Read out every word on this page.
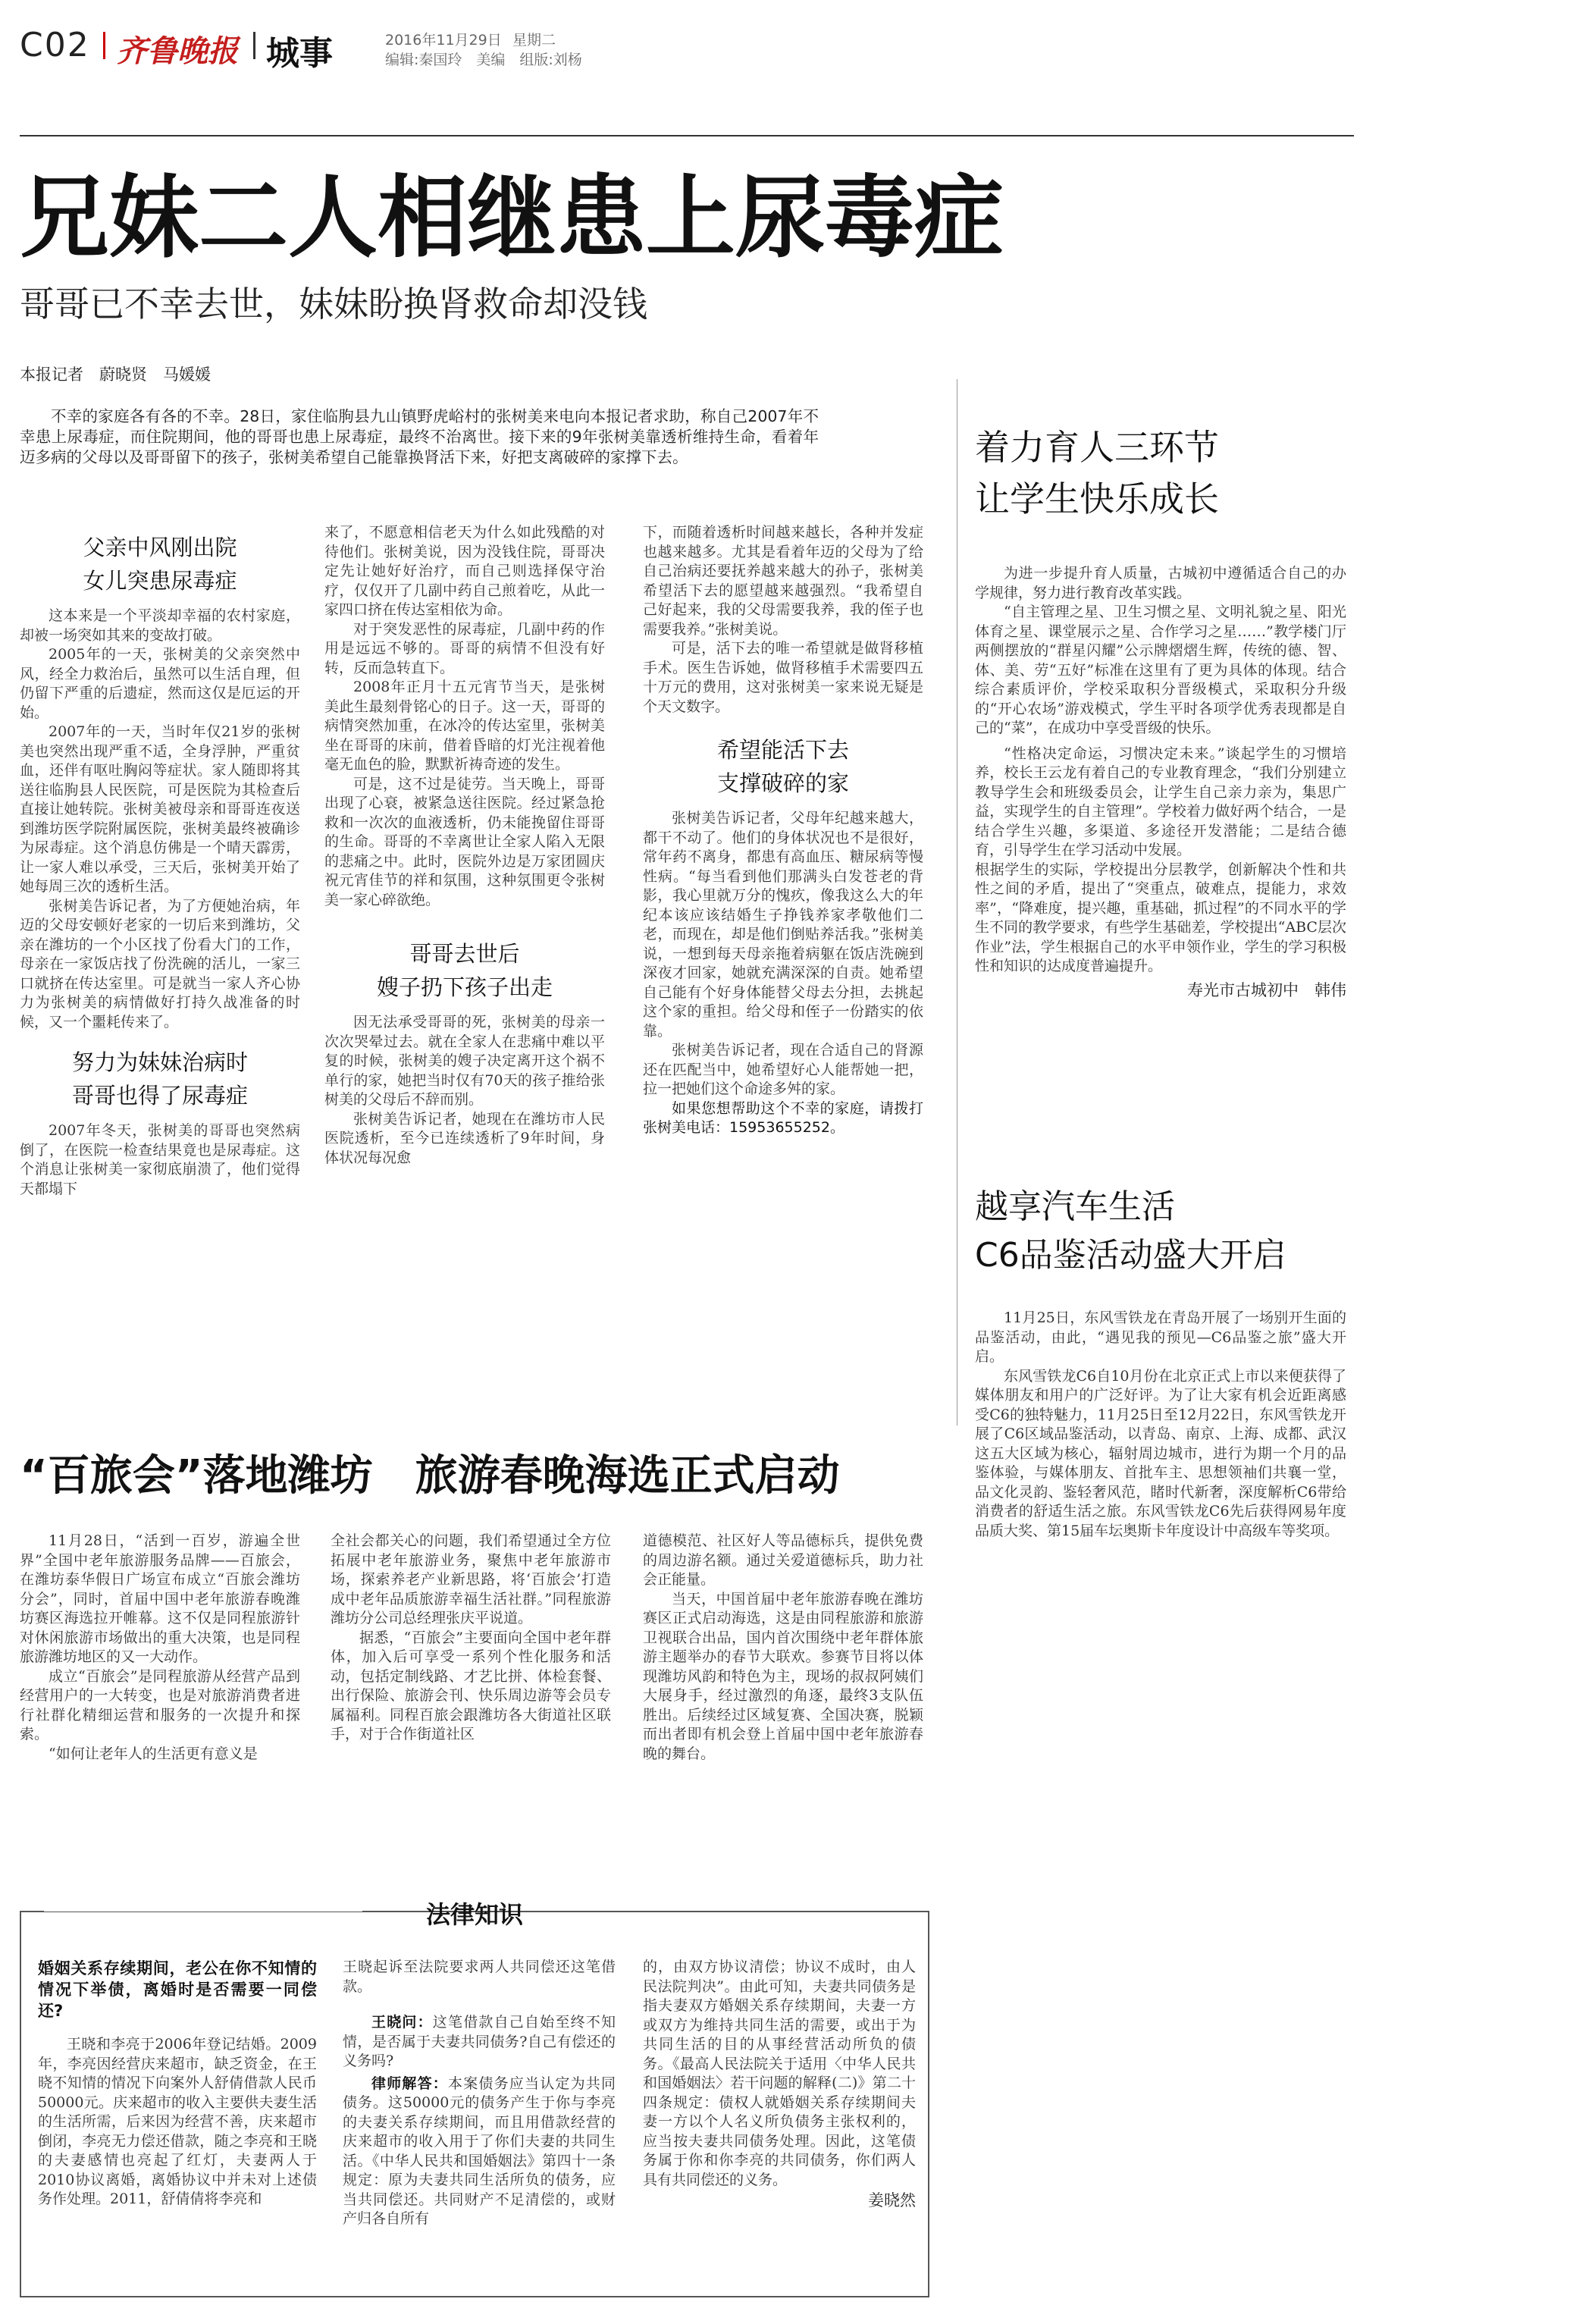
C02 齐鲁晚报 城事	2016年11月29日 星期二
编辑:秦国玲　美编　组版:刘杨
兄妹二人相继患上尿毒症
哥哥已不幸去世，妹妹盼换肾救命却没钱
本报记者　蔚晓贤　马媛媛
不幸的家庭各有各的不幸。28日，家住临朐县九山镇野虎峪村的张树美来电向本报记者求助，称自己2007年不幸患上尿毒症，而住院期间，他的哥哥也患上尿毒症，最终不治离世。接下来的9年张树美靠透析维持生命，看着年迈多病的父母以及哥哥留下的孩子，张树美希望自己能靠换肾活下来，好把支离破碎的家撑下去。
父亲中风刚出院
女儿突患尿毒症

这本来是一个平淡却幸福的农村家庭，却被一场突如其来的变故打破。

2005年的一天，张树美的父亲突然中风，经全力救治后，虽然可以生活自理，但仍留下严重的后遗症，然而这仅是厄运的开始。

2007年的一天，当时年仅21岁的张树美也突然出现严重不适，全身浮肿，严重贫血，还伴有呕吐胸闷等症状。家人随即将其送往临朐县人民医院，可是医院为其检查后直接让她转院。张树美被母亲和哥哥连夜送到潍坊医学院附属医院，张树美最终被确诊为尿毒症。这个消息仿佛是一个晴天霹雳，让一家人难以承受，三天后，张树美开始了她每周三次的透析生活。

张树美告诉记者，为了方便她治病，年迈的父母安顿好老家的一切后来到潍坊，父亲在潍坊的一个小区找了份看大门的工作，母亲在一家饭店找了份洗碗的活儿，一家三口就挤在传达室里。可是就当一家人齐心协力为张树美的病情做好打持久战准备的时候，又一个噩耗传来了。

努力为妹妹治病时
哥哥也得了尿毒症

2007年冬天，张树美的哥哥也突然病倒了，在医院一检查结果竟也是尿毒症。这个消息让张树美一家彻底崩溃了，他们觉得天都塌下

来了，不愿意相信老天为什么如此残酷的对待他们。张树美说，因为没钱住院，哥哥决定先让她好好治疗，而自己则选择保守治疗，仅仅开了几副中药自己煎着吃，从此一家四口挤在传达室相依为命。

对于突发恶性的尿毒症，几副中药的作用是远远不够的。哥哥的病情不但没有好转，反而急转直下。

2008年正月十五元宵节当天，是张树美此生最刻骨铭心的日子。这一天，哥哥的病情突然加重，在冰冷的传达室里，张树美坐在哥哥的床前，借着昏暗的灯光注视着他毫无血色的脸，默默祈祷奇迹的发生。

可是，这不过是徒劳。当天晚上，哥哥出现了心衰，被紧急送往医院。经过紧急抢救和一次次的血液透析，仍未能挽留住哥哥的生命。哥哥的不幸离世让全家人陷入无限的悲痛之中。此时，医院外边是万家团圆庆祝元宵佳节的祥和氛围，这种氛围更令张树美一家心碎欲绝。

哥哥去世后
嫂子扔下孩子出走

因无法承受哥哥的死，张树美的母亲一次次哭晕过去。就在全家人在悲痛中难以平复的时候，张树美的嫂子决定离开这个祸不单行的家，她把当时仅有70天的孩子推给张树美的父母后不辞而别。

张树美告诉记者，她现在在潍坊市人民医院透析，至今已连续透析了9年时间，身体状况每况愈

下，而随着透析时间越来越长，各种并发症也越来越多。尤其是看着年迈的父母为了给自己治病还要抚养越来越大的孙子，张树美希望活下去的愿望越来越强烈。“我希望自己好起来，我的父母需要我养，我的侄子也需要我养。”张树美说。

可是，活下去的唯一希望就是做肾移植手术。医生告诉她，做肾移植手术需要四五十万元的费用，这对张树美一家来说无疑是个天文数字。

希望能活下去
支撑破碎的家

张树美告诉记者，父母年纪越来越大，都干不动了。他们的身体状况也不是很好，常年药不离身，都患有高血压、糖尿病等慢性病。“每当看到他们那满头白发苍老的背影，我心里就万分的愧疚，像我这么大的年纪本该应该结婚生子挣钱养家孝敬他们二老，而现在，却是他们倒贴养活我。”张树美说，一想到每天母亲拖着病躯在饭店洗碗到深夜才回家，她就充满深深的自责。她希望自己能有个好身体能替父母去分担，去挑起这个家的重担。给父母和侄子一份踏实的依靠。

张树美告诉记者，现在合适自己的肾源还在匹配当中，她希望好心人能帮她一把，拉一把她们这个命途多舛的家。

如果您想帮助这个不幸的家庭，请拨打张树美电话：15953655252。

着力育人三环节
让学生快乐成长

为进一步提升育人质量，古城初中遵循适合自己的办学规律，努力进行教育改革实践。

“自主管理之星、卫生习惯之星、文明礼貌之星、阳光体育之星、课堂展示之星、合作学习之星……”教学楼门厅两侧摆放的“群星闪耀”公示牌熠熠生辉，传统的德、智、体、美、劳“五好”标准在这里有了更为具体的体现。结合综合素质评价，学校采取积分晋级模式，采取积分升级的“开心农场”游戏模式，学生平时各项学优秀表现都是自己的“菜”，在成功中享受晋级的快乐。

“性格决定命运，习惯决定未来。”谈起学生的习惯培养，校长王云龙有着自己的专业教育理念，“我们分别建立教导学生会和班级委员会，让学生自己亲力亲为，集思广益，实现学生的自主管理”。学校着力做好两个结合，一是结合学生兴趣，多渠道、多途径开发潜能；二是结合德育，引导学生在学习活动中发展。

根据学生的实际，学校提出分层教学，创新解决个性和共性之间的矛盾，提出了“突重点，破难点，提能力，求效率”，“降难度，提兴趣，重基础，抓过程”的不同水平的学生不同的教学要求，有些学生基础差，学校提出“ABC层次作业”法，学生根据自己的水平申领作业，学生的学习积极性和知识的达成度普遍提升。

寿光市古城初中　韩伟
越享汽车生活
C6品鉴活动盛大开启

11月25日，东风雪铁龙在青岛开展了一场别开生面的品鉴活动，由此，“遇见我的预见—C6品鉴之旅”盛大开启。

东风雪铁龙C6自10月份在北京正式上市以来便获得了媒体朋友和用户的广泛好评。为了让大家有机会近距离感受C6的独特魅力，11月25日至12月22日，东风雪铁龙开展了C6区域品鉴活动，以青岛、南京、上海、成都、武汉这五大区域为核心，辐射周边城市，进行为期一个月的品鉴体验，与媒体朋友、首批车主、思想领袖们共襄一堂，品文化灵韵、鉴轻奢风范，睹时代新奢，深度解析C6带给消费者的舒适生活之旅。东风雪铁龙C6先后获得网易年度品质大奖、第15届车坛奥斯卡年度设计中高级车等奖项。

“百旅会”落地潍坊　旅游春晚海选正式启动

11月28日，“活到一百岁，游遍全世界”全国中老年旅游服务品牌——百旅会，在潍坊泰华假日广场宣布成立“百旅会潍坊分会”，同时，首届中国中老年旅游春晚潍坊赛区海选拉开帷幕。这不仅是同程旅游针对休闲旅游市场做出的重大决策，也是同程旅游潍坊地区的又一大动作。

成立“百旅会”是同程旅游从经营产品到经营用户的一大转变，也是对旅游消费者进行社群化精细运营和服务的一次提升和探索。

“如何让老年人的生活更有意义是

全社会都关心的问题，我们希望通过全方位拓展中老年旅游业务，聚焦中老年旅游市场，探索养老产业新思路，将‘百旅会’打造成中老年品质旅游幸福生活社群。”同程旅游潍坊分公司总经理张庆平说道。

据悉，“百旅会”主要面向全国中老年群体，加入后可享受一系列个性化服务和活动，包括定制线路、才艺比拼、体检套餐、出行保险、旅游会刊、快乐周边游等会员专属福利。同程百旅会跟潍坊各大街道社区联手，对于合作街道社区

道德模范、社区好人等品德标兵，提供免费的周边游名额。通过关爱道德标兵，助力社会正能量。

当天，中国首届中老年旅游春晚在潍坊赛区正式启动海选，这是由同程旅游和旅游卫视联合出品，国内首次围绕中老年群体旅游主题举办的春节大联欢。参赛节目将以体现潍坊风韵和特色为主，现场的叔叔阿姨们大展身手，经过激烈的角逐，最终3支队伍胜出。后续经过区域复赛、全国决赛，脱颖而出者即有机会登上首届中国中老年旅游春晚的舞台。

法律知识
婚姻关系存续期间，老公在你不知情的情况下举债，离婚时是否需要一同偿还?

王晓和李亮于2006年登记结婚。2009年，李亮因经营庆来超市，缺乏资金，在王晓不知情的情况下向案外人舒倩借款人民币50000元。庆来超市的收入主要供夫妻生活的生活所需，后来因为经营不善，庆来超市倒闭，李亮无力偿还借款，随之李亮和王晓的夫妻感情也亮起了红灯，夫妻两人于2010协议离婚，离婚协议中并未对上述债务作处理。2011，舒倩倩将李亮和

王晓起诉至法院要求两人共同偿还这笔借款。

王晓问：这笔借款自己自始至终不知情，是否属于夫妻共同债务?自己有偿还的义务吗?

律师解答：本案债务应当认定为共同债务。这50000元的债务产生于你与李亮的夫妻关系存续期间，而且用借款经营的庆来超市的收入用于了你们夫妻的共同生活。《中华人民共和国婚姻法》第四十一条规定：原为夫妻共同生活所负的债务，应当共同偿还。共同财产不足清偿的，或财产归各自所有

的，由双方协议清偿；协议不成时，由人民法院判决”。由此可知，夫妻共同债务是指夫妻双方婚姻关系存续期间，夫妻一方或双方为维持共同生活的需要，或出于为共同生活的目的从事经营活动所负的债务。《最高人民法院关于适用〈中华人民共和国婚姻法〉若干问题的解释(二)》第二十四条规定：债权人就婚姻关系存续期间夫妻一方以个人名义所负债务主张权利的，应当按夫妻共同债务处理。因此，这笔债务属于你和你李亮的共同债务，你们两人具有共同偿还的义务。

姜晓然
